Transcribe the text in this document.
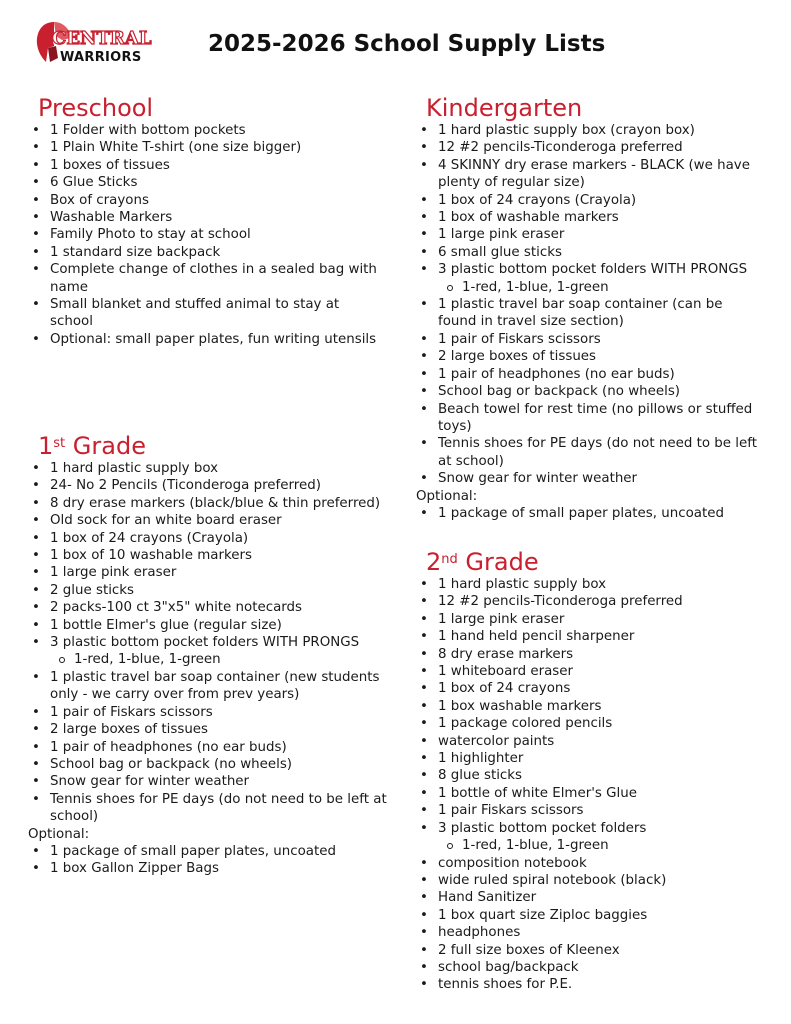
CENTRAL
WARRIORS
2025-2026 School Supply Lists
Preschool
• 1 Folder with bottom pockets
• 1 Plain White T-shirt (one size bigger)
• 1 boxes of tissues
• 6 Glue Sticks
• Box of crayons
• Washable Markers
• Family Photo to stay at school
• 1 standard size backpack
• Complete change of clothes in a sealed bag with name
• Small blanket and stuffed animal to stay at school
• Optional: small paper plates, fun writing utensils
1st Grade
• 1 hard plastic supply box
• 24- No 2 Pencils (Ticonderoga preferred)
• 8 dry erase markers (black/blue & thin preferred)
• Old sock for an white board eraser
• 1 box of 24 crayons (Crayola)
• 1 box of 10 washable markers
• 1 large pink eraser
• 2 glue sticks
• 2 packs-100 ct 3"x5" white notecards
• 1 bottle Elmer's glue (regular size)
• 3 plastic bottom pocket folders WITH PRONGS
1-red, 1-blue, 1-green
• 1 plastic travel bar soap container (new students only - we carry over from prev years)
• 1 pair of Fiskars scissors
• 2 large boxes of tissues
• 1 pair of headphones (no ear buds)
• School bag or backpack (no wheels)
• Snow gear for winter weather
• Tennis shoes for PE days (do not need to be left at school)
Optional:
• 1 package of small paper plates, uncoated
• 1 box Gallon Zipper Bags
Kindergarten
• 1 hard plastic supply box (crayon box)
• 12 #2 pencils-Ticonderoga preferred
• 4 SKINNY dry erase markers - BLACK (we have plenty of regular size)
• 1 box of 24 crayons (Crayola)
• 1 box of washable markers
• 1 large pink eraser
• 6 small glue sticks
• 3 plastic bottom pocket folders WITH PRONGS
1-red, 1-blue, 1-green
• 1 plastic travel bar soap container (can be found in travel size section)
• 1 pair of Fiskars scissors
• 2 large boxes of tissues
• 1 pair of headphones (no ear buds)
• School bag or backpack (no wheels)
• Beach towel for rest time (no pillows or stuffed toys)
• Tennis shoes for PE days (do not need to be left at school)
• Snow gear for winter weather
Optional:
• 1 package of small paper plates, uncoated
2nd Grade
• 1 hard plastic supply box
• 12 #2 pencils-Ticonderoga preferred
• 1 large pink eraser
• 1 hand held pencil sharpener
• 8 dry erase markers
• 1 whiteboard eraser
• 1 box of 24 crayons
• 1 box washable markers
• 1 package colored pencils
• watercolor paints
• 1 highlighter
• 8 glue sticks
• 1 bottle of white Elmer's Glue
• 1 pair Fiskars scissors
• 3 plastic bottom pocket folders
1-red, 1-blue, 1-green
• composition notebook
• wide ruled spiral notebook (black)
• Hand Sanitizer
• 1 box quart size Ziploc baggies
• headphones
• 2 full size boxes of Kleenex
• school bag/backpack
• tennis shoes for P.E.
